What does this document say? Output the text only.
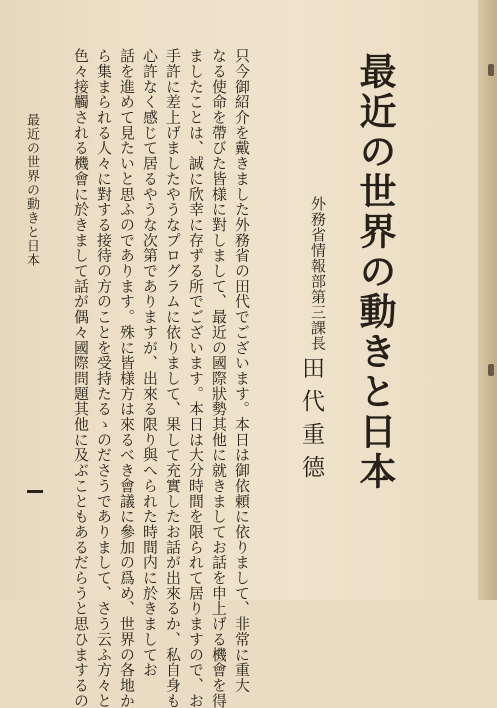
最近の世界の動きと日本
外務省情報部第三課長
田代重德
只今御紹介を戴きました外務省の田代でございます。本日は御依頼に依りまして、非常に重大
なる使命を帶びた皆様に對しまして、最近の國際狀勢其他に就きましてお話を申上げる機會を得
ましたことは、誠に欣幸に存ずる所でございます。本日は大分時間を限られて居りますので、お
手許に差上げましたやうなプログラムに依りまして、果して充實したお話が出來るか、私自身も
心許なく感じて居るやうな次第でありますが、出來る限り與へられた時間内に於きましてお
話を進めて見たいと思ふのであります。殊に皆様方は來るべき會議に參加の爲め、世界の各地か
ら集まられる人々に對する接待の方のことを受持たるゝのださうでありまして、さう云ふ方々と
色々接觸される機會に於きまして話が偶々國際問題其他に及ぶこともあるだらうと思ひまするの
最近の世界の動きと日本
